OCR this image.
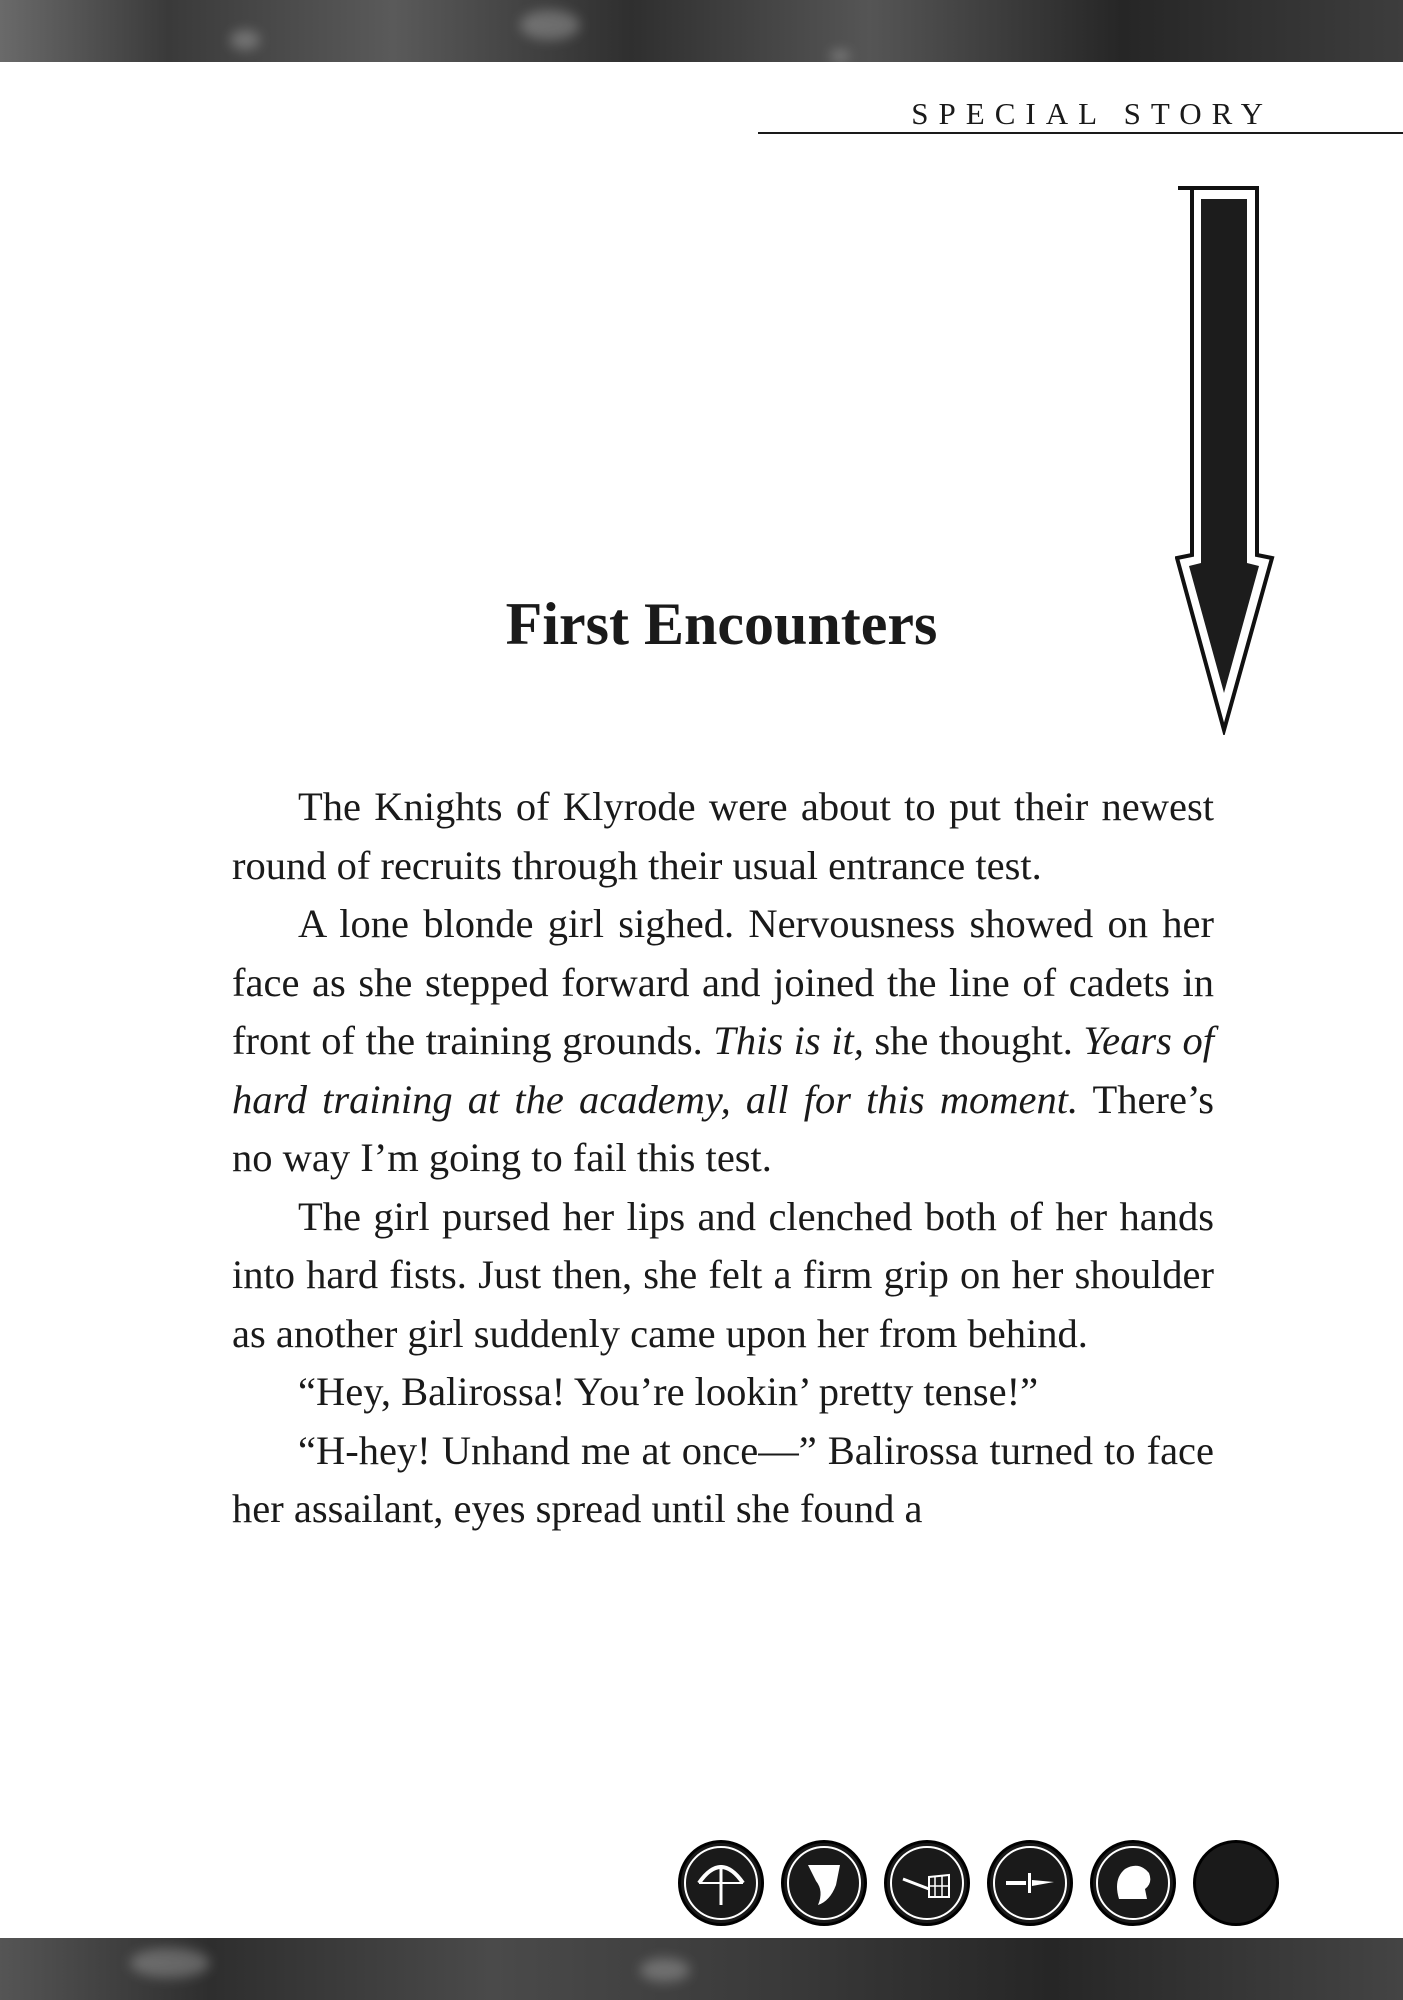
SPECIAL STORY
First Encounters

The Knights of Klyrode were about to put their newest round of recruits through their usual entrance test.

A lone blonde girl sighed. Nervousness showed on her face as she stepped forward and joined the line of cadets in front of the training grounds. This is it, she thought. Years of hard training at the academy, all for this moment. There’s no way I’m going to fail this test.

The girl pursed her lips and clenched both of her hands into hard fists. Just then, she felt a firm grip on her shoulder as another girl suddenly came upon her from behind.

“Hey, Balirossa! You’re lookin’ pretty tense!”

“H-hey! Unhand me at once—” Balirossa turned to face her assailant, eyes spread until she found a
